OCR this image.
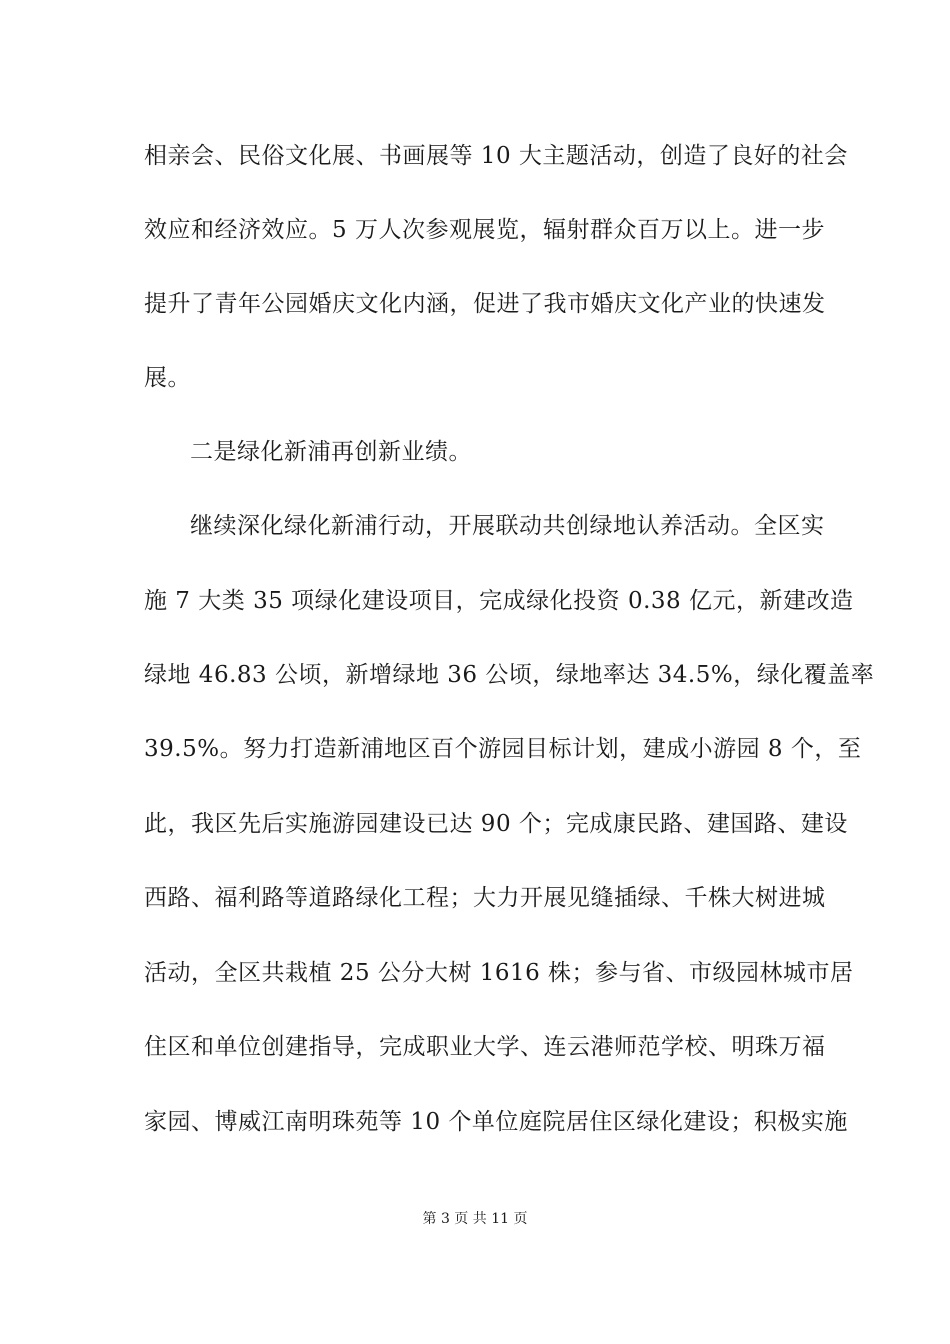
相亲会、民俗文化展、书画展等 10 大主题活动，创造了良好的社会
效应和经济效应。5 万人次参观展览，辐射群众百万以上。进一步
提升了青年公园婚庆文化内涵，促进了我市婚庆文化产业的快速发
展。
二是绿化新浦再创新业绩。
继续深化绿化新浦行动，开展联动共创绿地认养活动。全区实
施 7 大类 35 项绿化建设项目，完成绿化投资 0.38 亿元，新建改造
绿地 46.83 公顷，新增绿地 36 公顷，绿地率达 34.5%，绿化覆盖率
39.5%。努力打造新浦地区百个游园目标计划，建成小游园 8 个，至
此，我区先后实施游园建设已达 90 个；完成康民路、建国路、建设
西路、福利路等道路绿化工程；大力开展见缝插绿、千株大树进城
活动，全区共栽植 25 公分大树 1616 株；参与省、市级园林城市居
住区和单位创建指导，完成职业大学、连云港师范学校、明珠万福
家园、博威江南明珠苑等 10 个单位庭院居住区绿化建设；积极实施
第 3 页 共 11 页
